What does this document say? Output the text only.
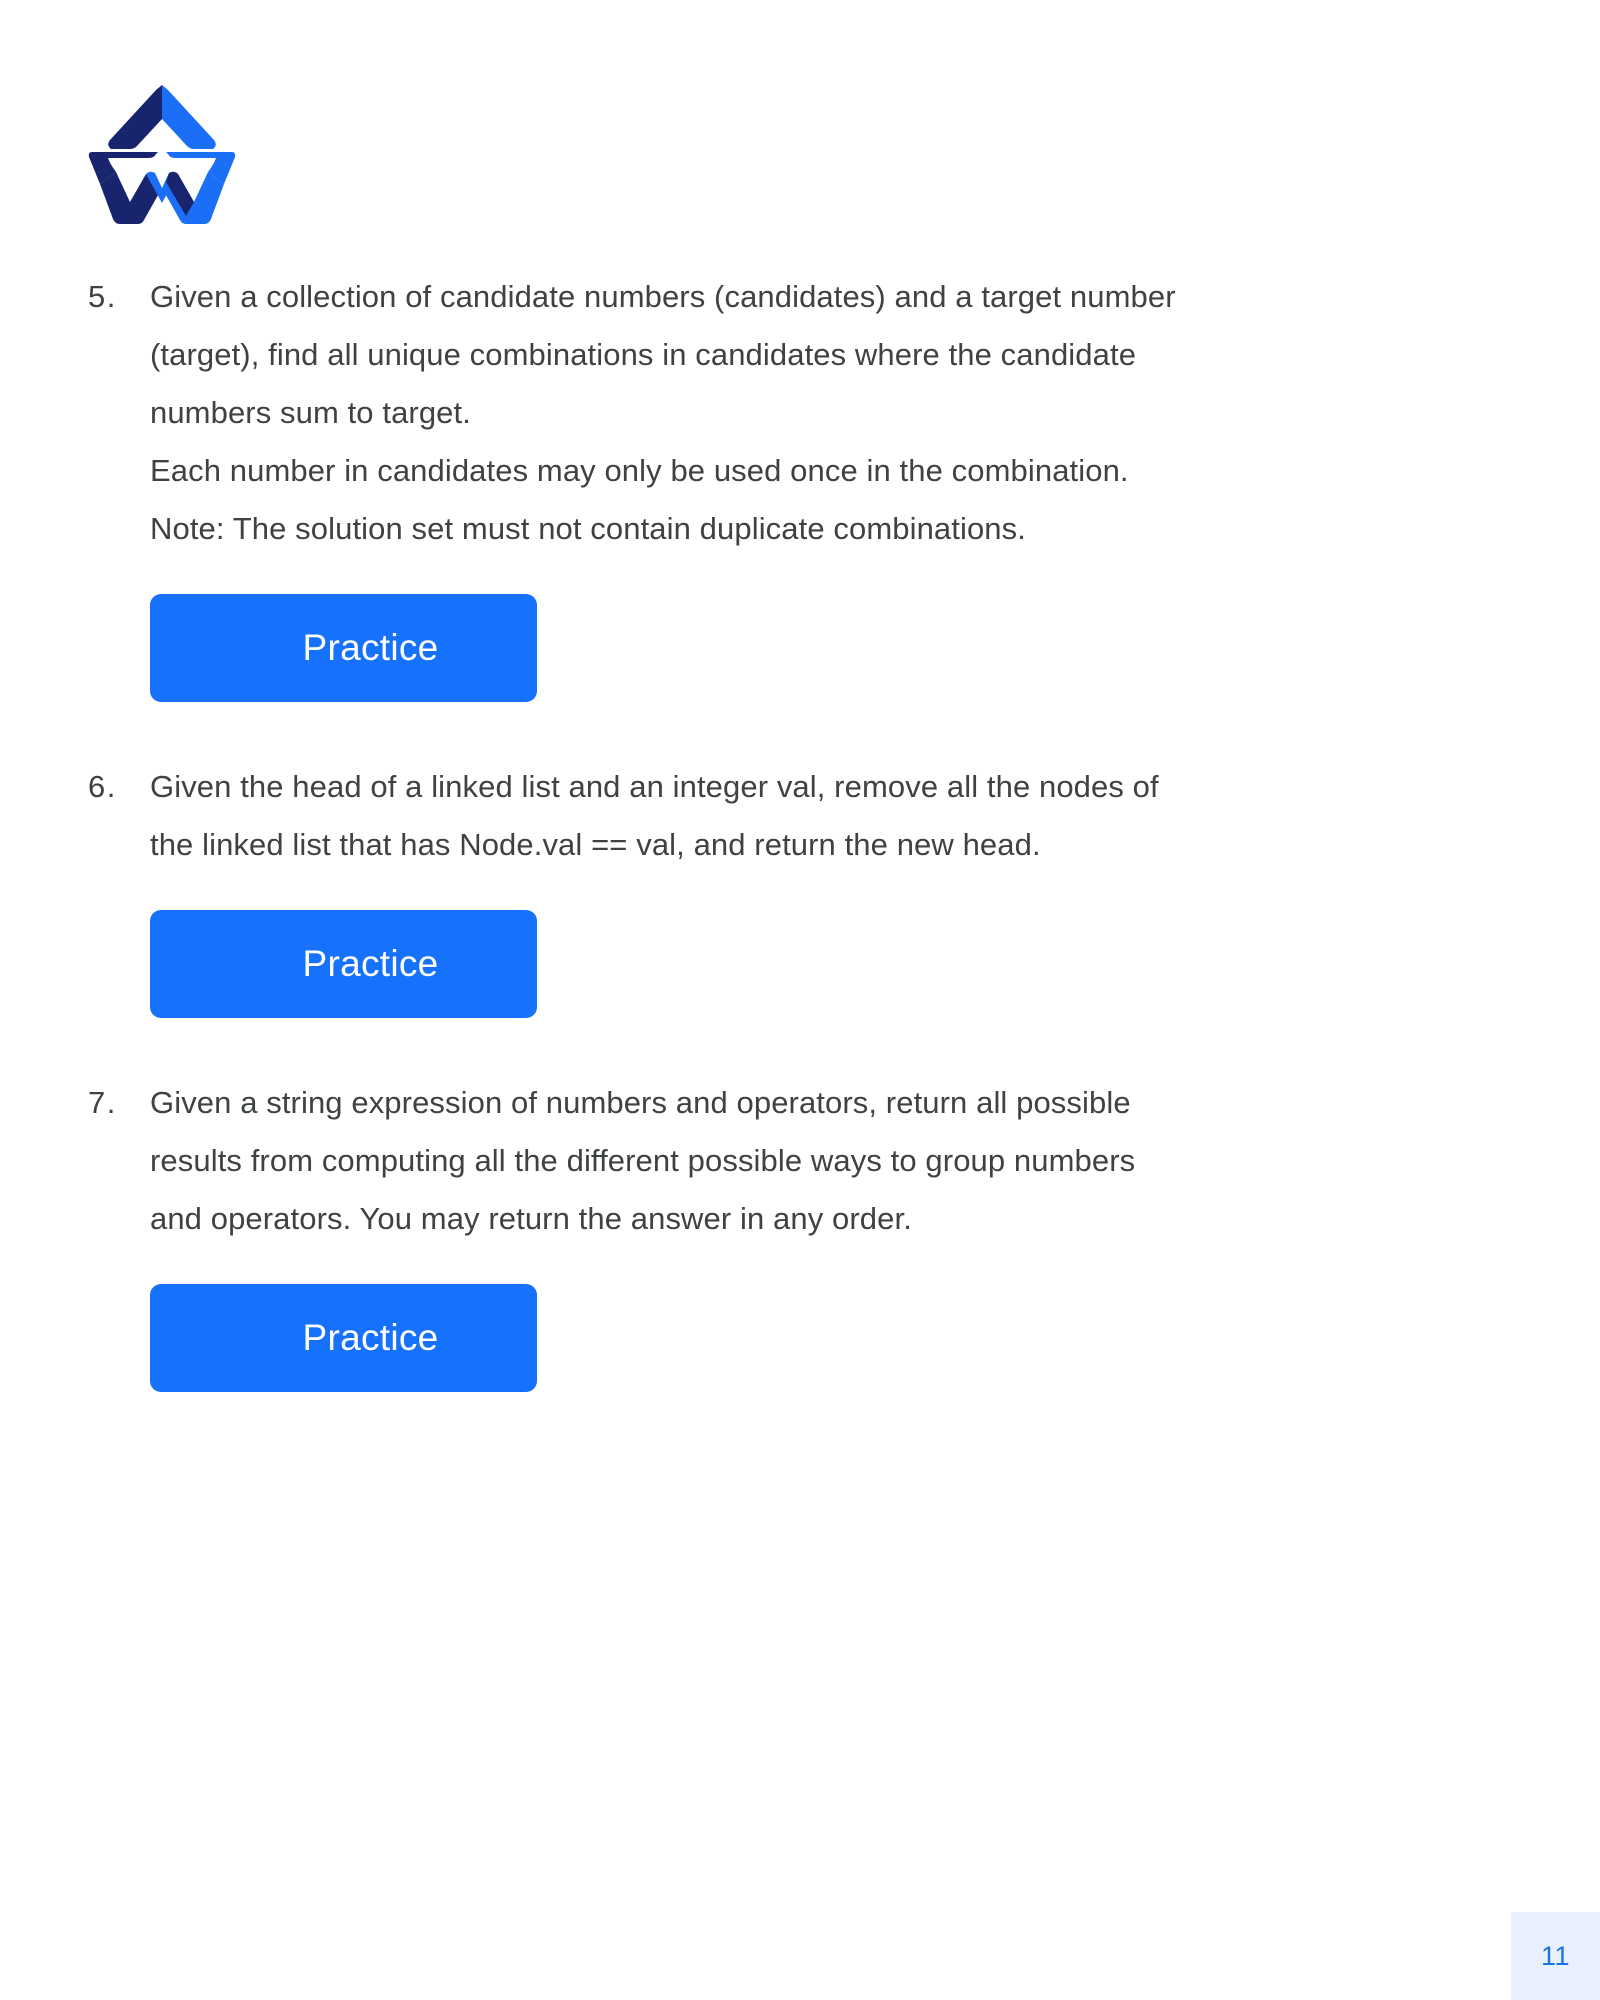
5.	Given a collection of candidate numbers (candidates) and a target number
(target), find all unique combinations in candidates where the candidate
numbers sum to target.
Each number in candidates may only be used once in the combination.
Note: The solution set must not contain duplicate combinations.
Practice
6.	Given the head of a linked list and an integer val, remove all the nodes of
the linked list that has Node.val == val, and return the new head.
Practice
7.	Given a string expression of numbers and operators, return all possible
results from computing all the different possible ways to group numbers
and operators. You may return the answer in any order.
Practice
11
